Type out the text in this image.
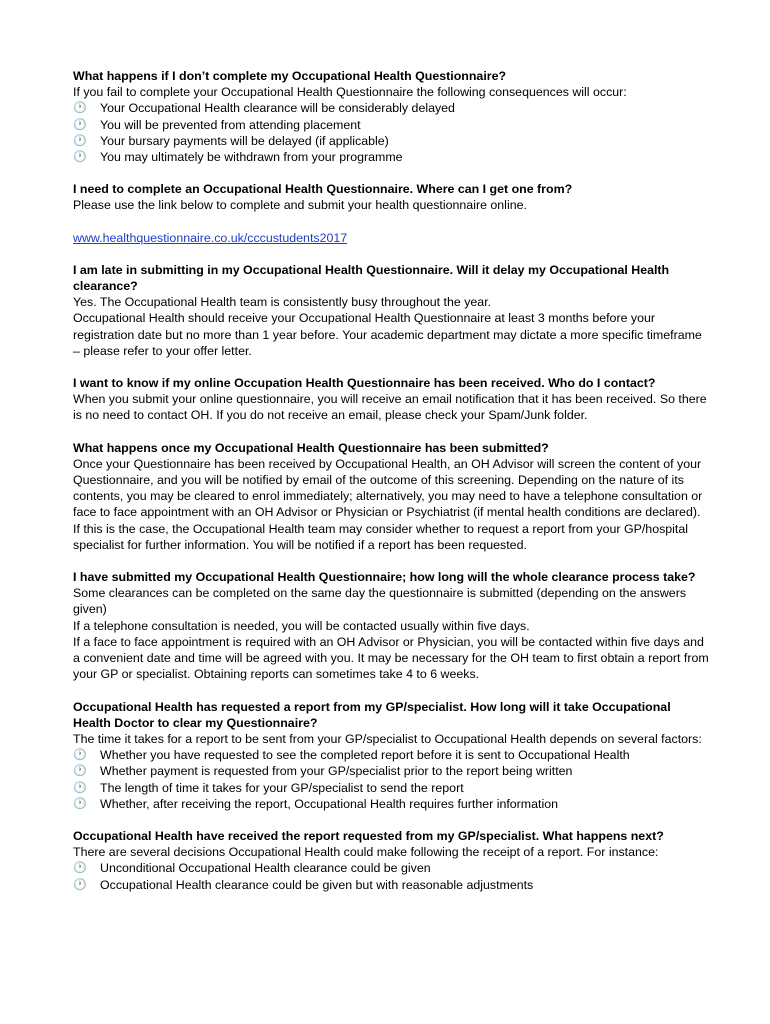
What happens if I don’t complete my Occupational Health Questionnaire?

If you fail to complete your Occupational Health Questionnaire the following consequences will occur:

🕐 Your Occupational Health clearance will be considerably delayed
🕐 You will be prevented from attending placement
🕐 Your bursary payments will be delayed (if applicable)
🕐 You may ultimately be withdrawn from your programme

I need to complete an Occupational Health Questionnaire. Where can I get one from?

Please use the link below to complete and submit your health questionnaire online.

www.healthquestionnaire.co.uk/cccustudents2017

I am late in submitting in my Occupational Health Questionnaire. Will it delay my Occupational Health clearance?

Yes. The Occupational Health team is consistently busy throughout the year.

Occupational Health should receive your Occupational Health Questionnaire at least 3 months before your registration date but no more than 1 year before. Your academic department may dictate a more specific timeframe – please refer to your offer letter.

I want to know if my online Occupation Health Questionnaire has been received. Who do I contact?

When you submit your online questionnaire, you will receive an email notification that it has been received. So there is no need to contact OH. If you do not receive an email, please check your Spam/Junk folder.

What happens once my Occupational Health Questionnaire has been submitted?

Once your Questionnaire has been received by Occupational Health, an OH Advisor will screen the content of your Questionnaire, and you will be notified by email of the outcome of this screening. Depending on the nature of its contents, you may be cleared to enrol immediately; alternatively, you may need to have a telephone consultation or face to face appointment with an OH Advisor or Physician or Psychiatrist (if mental health conditions are declared).

If this is the case, the Occupational Health team may consider whether to request a report from your GP/hospital specialist for further information. You will be notified if a report has been requested.

I have submitted my Occupational Health Questionnaire; how long will the whole clearance process take?

Some clearances can be completed on the same day the questionnaire is submitted (depending on the answers given)

If a telephone consultation is needed, you will be contacted usually within five days.

If a face to face appointment is required with an OH Advisor or Physician, you will be contacted within five days and a convenient date and time will be agreed with you. It may be necessary for the OH team to first obtain a report from your GP or specialist. Obtaining reports can sometimes take 4 to 6 weeks.

Occupational Health has requested a report from my GP/specialist. How long will it take Occupational Health Doctor to clear my Questionnaire?

The time it takes for a report to be sent from your GP/specialist to Occupational Health depends on several factors:

🕐 Whether you have requested to see the completed report before it is sent to Occupational Health
🕐 Whether payment is requested from your GP/specialist prior to the report being written
🕐 The length of time it takes for your GP/specialist to send the report
🕐 Whether, after receiving the report, Occupational Health requires further information

Occupational Health have received the report requested from my GP/specialist. What happens next?

There are several decisions Occupational Health could make following the receipt of a report. For instance:

🕐 Unconditional Occupational Health clearance could be given
🕐 Occupational Health clearance could be given but with reasonable adjustments
